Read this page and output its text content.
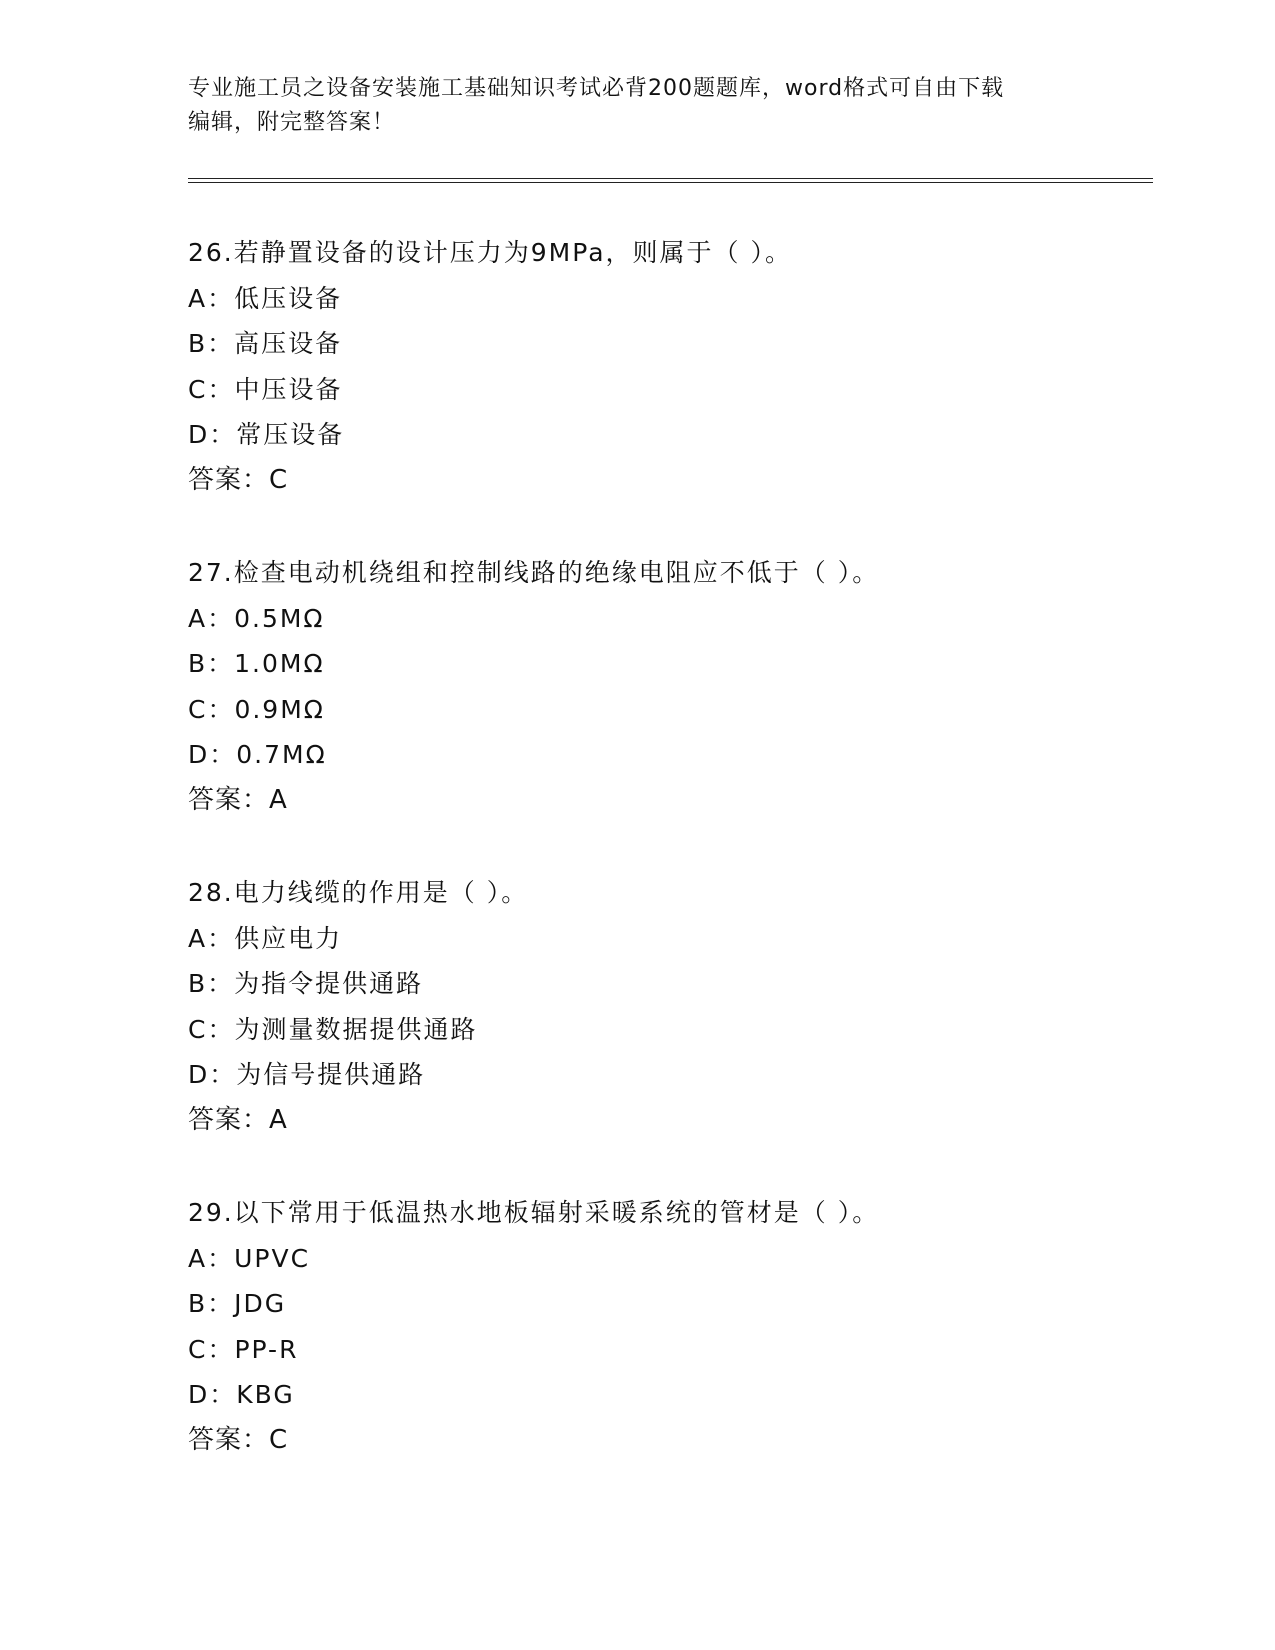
专业施工员之设备安装施工基础知识考试必背200题题库，word格式可自由下载
编辑，附完整答案！
26.若静置设备的设计压力为9MPa，则属于（ ）。
A：低压设备
B：高压设备
C：中压设备
D：常压设备
答案：C
27.检查电动机绕组和控制线路的绝缘电阻应不低于（ ）。
A：0.5MΩ
B：1.0MΩ
C：0.9MΩ
D：0.7MΩ
答案：A
28.电力线缆的作用是（ ）。
A：供应电力
B：为指令提供通路
C：为测量数据提供通路
D：为信号提供通路
答案：A
29.以下常用于低温热水地板辐射采暖系统的管材是（ ）。
A：UPVC
B：JDG
C：PP-R
D：KBG
答案：C
